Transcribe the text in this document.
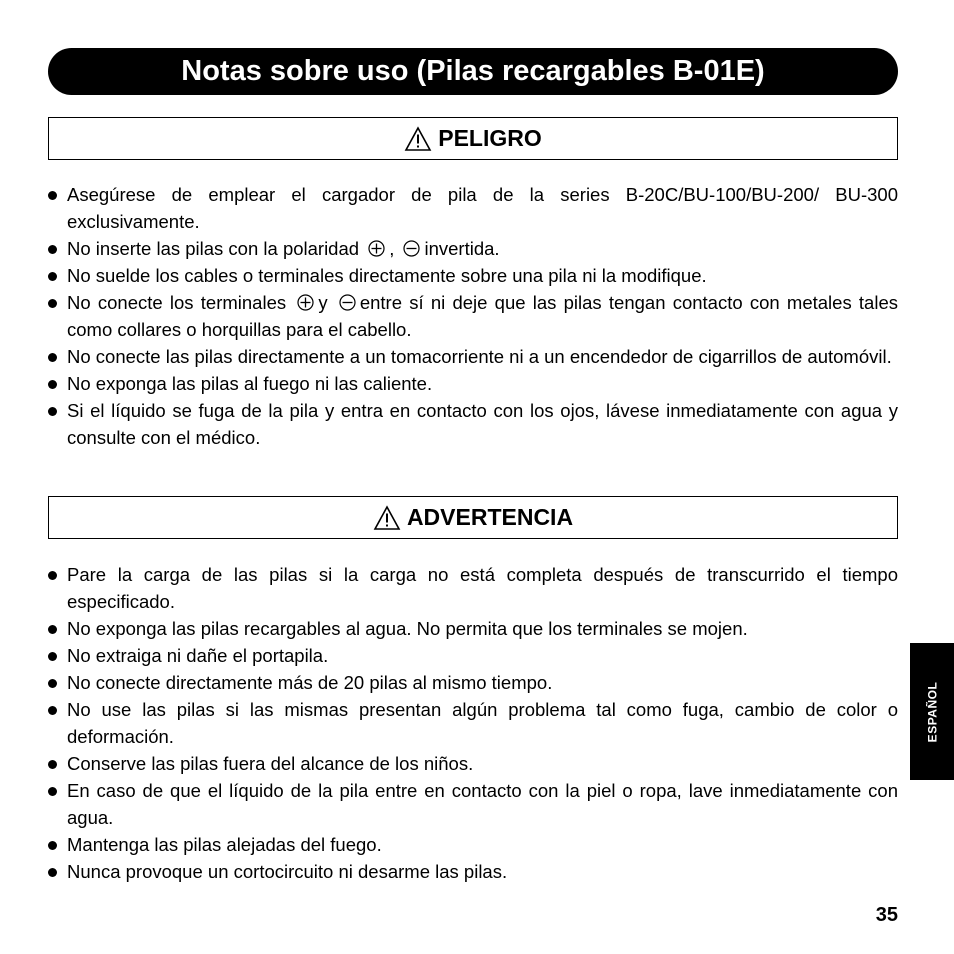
Notas sobre uso (Pilas recargables B-01E)
PELIGRO
Asegúrese de emplear el cargador de pila de la series B-20C/BU-100/BU-200/ BU-300 exclusivamente.
No inserte las pilas con la polaridad , invertida.
No suelde los cables o terminales directamente sobre una pila ni la modifique.
No conecte los terminales y entre sí ni deje que las pilas tengan contacto con metales tales como collares o horquillas para el cabello.
No conecte las pilas directamente a un tomacorriente ni a un encendedor de cigarrillos de automóvil.
No exponga las pilas al fuego ni las caliente.
Si el líquido se fuga de la pila y entra en contacto con los ojos, lávese inmediatamente con agua y consulte con el médico.
ADVERTENCIA
Pare la carga de las pilas si la carga no está completa después de transcurrido el tiempo especificado.
No exponga las pilas recargables al agua. No permita que los terminales se mojen.
No extraiga ni dañe el portapila.
No conecte directamente más de 20 pilas al mismo tiempo.
No use las pilas si las mismas presentan algún problema tal como fuga, cambio de color o deformación.
Conserve las pilas fuera del alcance de los niños.
En caso de que el líquido de la pila entre en contacto con la piel o ropa, lave inmediatamente con agua.
Mantenga las pilas alejadas del fuego.
Nunca provoque un cortocircuito ni desarme las pilas.
ESPAÑOL
35
